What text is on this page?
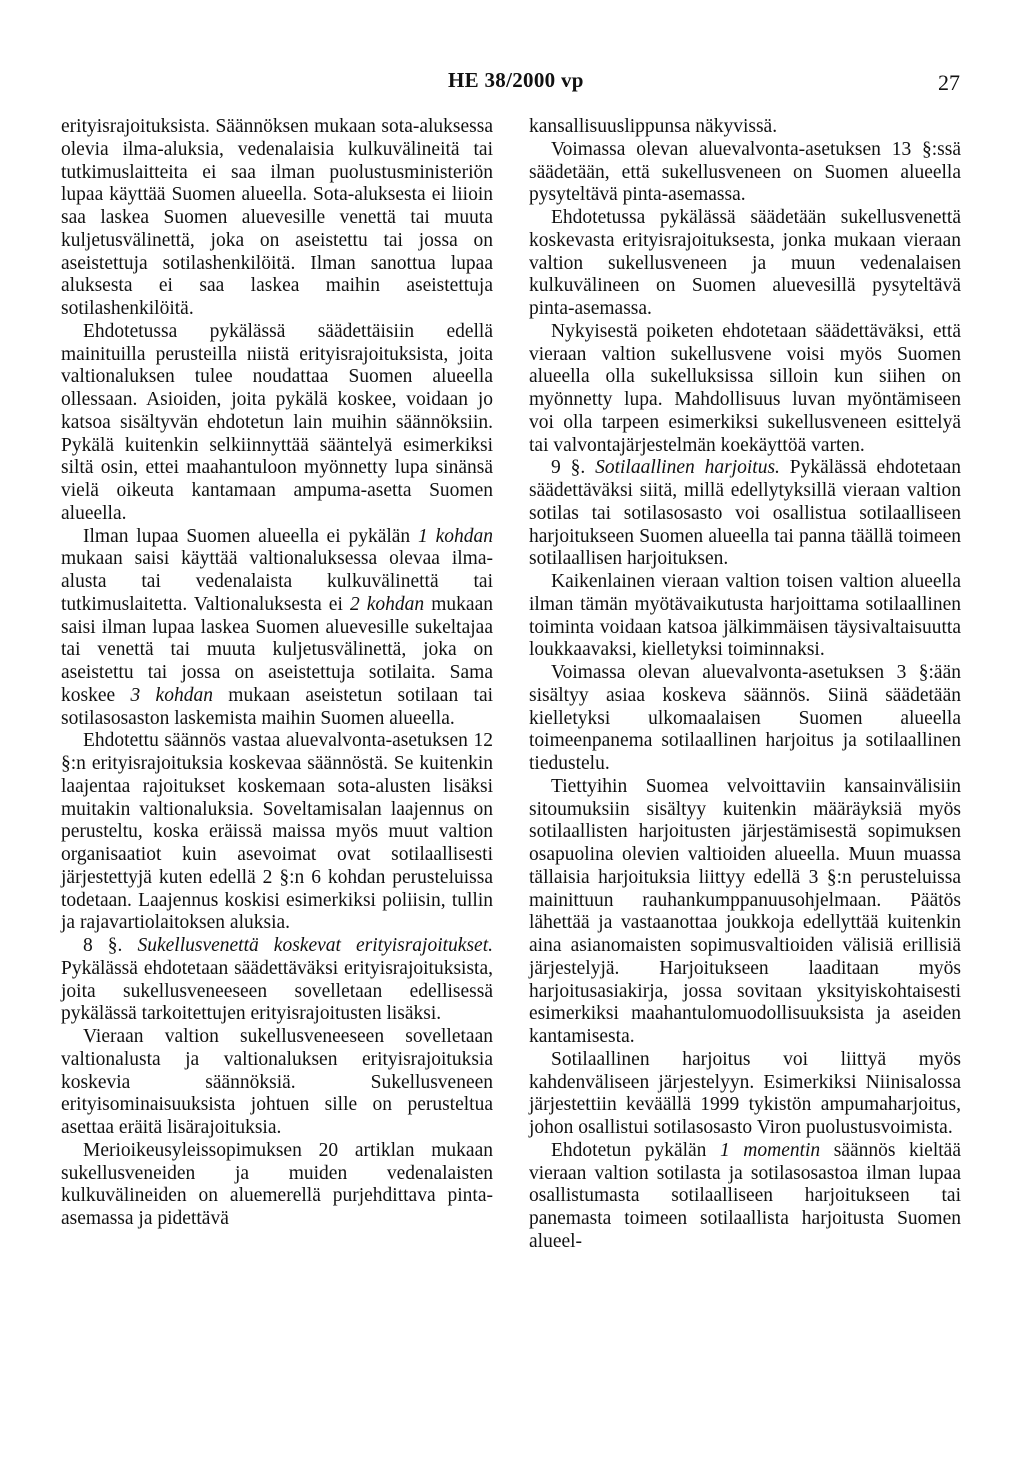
HE 38/2000 vp	27

erityisrajoituksista. Säännöksen mukaan sota-aluksessa olevia ilma-aluksia, vedenalaisia kulkuvälineitä tai tutkimuslaitteita ei saa ilman puolustusministeriön lupaa käyttää Suomen alueella. Sota-aluksesta ei liioin saa laskea Suomen aluevesille venettä tai muuta kuljetusvälinettä, joka on aseistettu tai jossa on aseistettuja sotilashenkilöitä. Ilman sanottua lupaa aluksesta ei saa laskea maihin aseistettuja sotilashenkilöitä.

Ehdotetussa pykälässä säädettäisiin edellä mainituilla perusteilla niistä erityisrajoituksista, joita valtionaluksen tulee noudattaa Suomen alueella ollessaan. Asioiden, joita pykälä koskee, voidaan jo katsoa sisältyvän ehdotetun lain muihin säännöksiin. Pykälä kuitenkin selkiinnyttää sääntelyä esimerkiksi siltä osin, ettei maahantuloon myönnetty lupa sinänsä vielä oikeuta kantamaan ampuma-asetta Suomen alueella.

Ilman lupaa Suomen alueella ei pykälän 1 kohdan mukaan saisi käyttää valtionaluksessa olevaa ilma-alusta tai vedenalaista kulkuvälinettä tai tutkimuslaitetta. Valtionaluksesta ei 2 kohdan mukaan saisi ilman lupaa laskea Suomen aluevesille sukeltajaa tai venettä tai muuta kuljetusvälinettä, joka on aseistettu tai jossa on aseistettuja sotilaita. Sama koskee 3 kohdan mukaan aseistetun sotilaan tai sotilasosaston laskemista maihin Suomen alueella.

Ehdotettu säännös vastaa aluevalvonta-asetuksen 12 §:n erityisrajoituksia koskevaa säännöstä. Se kuitenkin laajentaa rajoitukset koskemaan sota-alusten lisäksi muitakin valtionaluksia. Soveltamisalan laajennus on perusteltu, koska eräissä maissa myös muut valtion organisaatiot kuin asevoimat ovat sotilaallisesti järjestettyjä kuten edellä 2 §:n 6 kohdan perusteluissa todetaan. Laajennus koskisi esimerkiksi poliisin, tullin ja rajavartiolaitoksen aluksia.

8 §. Sukellusvenettä koskevat erityisrajoitukset. Pykälässä ehdotetaan säädettäväksi erityisrajoituksista, joita sukellusveneeseen sovelletaan edellisessä pykälässä tarkoitettujen erityisrajoitusten lisäksi.

Vieraan valtion sukellusveneeseen sovelletaan valtionalusta ja valtionaluksen erityisrajoituksia koskevia säännöksiä. Sukellusveneen erityisominaisuuksista johtuen sille on perusteltua asettaa eräitä lisärajoituksia.

Merioikeusyleissopimuksen 20 artiklan mukaan sukellusveneiden ja muiden vedenalaisten kulkuvälineiden on aluemerellä purjehdittava pinta-asemassa ja pidettävä

kansallisuuslippunsa näkyvissä.

Voimassa olevan aluevalvonta-asetuksen 13 §:ssä säädetään, että sukellusveneen on Suomen alueella pysyteltävä pinta-asemassa.

Ehdotetussa pykälässä säädetään sukellusvenettä koskevasta erityisrajoituksesta, jonka mukaan vieraan valtion sukellusveneen ja muun vedenalaisen kulkuvälineen on Suomen aluevesillä pysyteltävä pinta-asemassa.

Nykyisestä poiketen ehdotetaan säädettäväksi, että vieraan valtion sukellusvene voisi myös Suomen alueella olla sukelluksissa silloin kun siihen on myönnetty lupa. Mahdollisuus luvan myöntämiseen voi olla tarpeen esimerkiksi sukellusveneen esittelyä tai valvontajärjestelmän koekäyttöä varten.

9 §. Sotilaallinen harjoitus. Pykälässä ehdotetaan säädettäväksi siitä, millä edellytyksillä vieraan valtion sotilas tai sotilasosasto voi osallistua sotilaalliseen harjoitukseen Suomen alueella tai panna täällä toimeen sotilaallisen harjoituksen.

Kaikenlainen vieraan valtion toisen valtion alueella ilman tämän myötävaikutusta harjoittama sotilaallinen toiminta voidaan katsoa jälkimmäisen täysivaltaisuutta loukkaavaksi, kielletyksi toiminnaksi.

Voimassa olevan aluevalvonta-asetuksen 3 §:ään sisältyy asiaa koskeva säännös. Siinä säädetään kielletyksi ulkomaalaisen Suomen alueella toimeenpanema sotilaallinen harjoitus ja sotilaallinen tiedustelu.

Tiettyihin Suomea velvoittaviin kansainvälisiin sitoumuksiin sisältyy kuitenkin määräyksiä myös sotilaallisten harjoitusten järjestämisestä sopimuksen osapuolina olevien valtioiden alueella. Muun muassa tällaisia harjoituksia liittyy edellä 3 §:n perusteluissa mainittuun rauhankumppanuusohjelmaan. Päätös lähettää ja vastaanottaa joukkoja edellyttää kuitenkin aina asianomaisten sopimusvaltioiden välisiä erillisiä järjestelyjä. Harjoitukseen laaditaan myös harjoitusasiakirja, jossa sovitaan yksityiskohtaisesti esimerkiksi maahantulomuodollisuuksista ja aseiden kantamisesta.

Sotilaallinen harjoitus voi liittyä myös kahdenväliseen järjestelyyn. Esimerkiksi Niinisalossa järjestettiin keväällä 1999 tykistön ampumaharjoitus, johon osallistui sotilasosasto Viron puolustusvoimista.

Ehdotetun pykälän 1 momentin säännös kieltää vieraan valtion sotilasta ja sotilasosastoa ilman lupaa osallistumasta sotilaalliseen harjoitukseen tai panemasta toimeen sotilaallista harjoitusta Suomen alueel-
